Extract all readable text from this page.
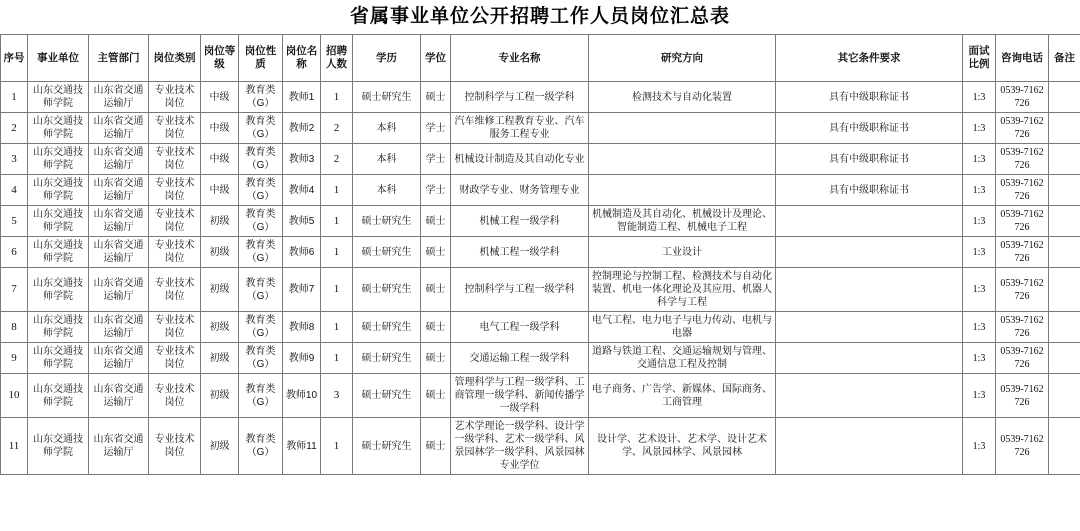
省属事业单位公开招聘工作人员岗位汇总表
序号	事业单位	主管部门	岗位类别	岗位等级	岗位性质	岗位名称	招聘人数	学历	学位	专业名称	研究方向	其它条件要求	面试比例	咨询电话	备注
1	山东交通技师学院	山东省交通运输厅	专业技术岗位	中级	教育类（G）	教师1	1	硕士研究生	硕士	控制科学与工程一级学科	检测技术与自动化装置	具有中级职称证书	1:3	0539-7162726	
2	山东交通技师学院	山东省交通运输厅	专业技术岗位	中级	教育类（G）	教师2	2	本科	学士	汽车维修工程教育专业、汽车服务工程专业		具有中级职称证书	1:3	0539-7162726	
3	山东交通技师学院	山东省交通运输厅	专业技术岗位	中级	教育类（G）	教师3	2	本科	学士	机械设计制造及其自动化专业		具有中级职称证书	1:3	0539-7162726	
4	山东交通技师学院	山东省交通运输厅	专业技术岗位	中级	教育类（G）	教师4	1	本科	学士	财政学专业、财务管理专业		具有中级职称证书	1:3	0539-7162726	
5	山东交通技师学院	山东省交通运输厅	专业技术岗位	初级	教育类（G）	教师5	1	硕士研究生	硕士	机械工程一级学科	机械制造及其自动化、机械设计及理论、智能制造工程、机械电子工程		1:3	0539-7162726	
6	山东交通技师学院	山东省交通运输厅	专业技术岗位	初级	教育类（G）	教师6	1	硕士研究生	硕士	机械工程一级学科	工业设计		1:3	0539-7162726	
7	山东交通技师学院	山东省交通运输厅	专业技术岗位	初级	教育类（G）	教师7	1	硕士研究生	硕士	控制科学与工程一级学科	控制理论与控制工程、检测技术与自动化装置、机电一体化理论及其应用、机器人科学与工程		1:3	0539-7162726	
8	山东交通技师学院	山东省交通运输厅	专业技术岗位	初级	教育类（G）	教师8	1	硕士研究生	硕士	电气工程一级学科	电气工程、电力电子与电力传动、电机与电器		1:3	0539-7162726	
9	山东交通技师学院	山东省交通运输厅	专业技术岗位	初级	教育类（G）	教师9	1	硕士研究生	硕士	交通运输工程一级学科	道路与铁道工程、交通运输规划与管理、交通信息工程及控制		1:3	0539-7162726	
10	山东交通技师学院	山东省交通运输厅	专业技术岗位	初级	教育类（G）	教师10	3	硕士研究生	硕士	管理科学与工程一级学科、工商管理一级学科、新闻传播学一级学科	电子商务、广告学、新媒体、国际商务、工商管理		1:3	0539-7162726	
11	山东交通技师学院	山东省交通运输厅	专业技术岗位	初级	教育类（G）	教师11	1	硕士研究生	硕士	艺术学理论一级学科、设计学一级学科、艺术一级学科、风景园林学一级学科、风景园林专业学位	设计学、艺术设计、艺术学、设计艺术学、风景园林学、风景园林		1:3	0539-7162726	
